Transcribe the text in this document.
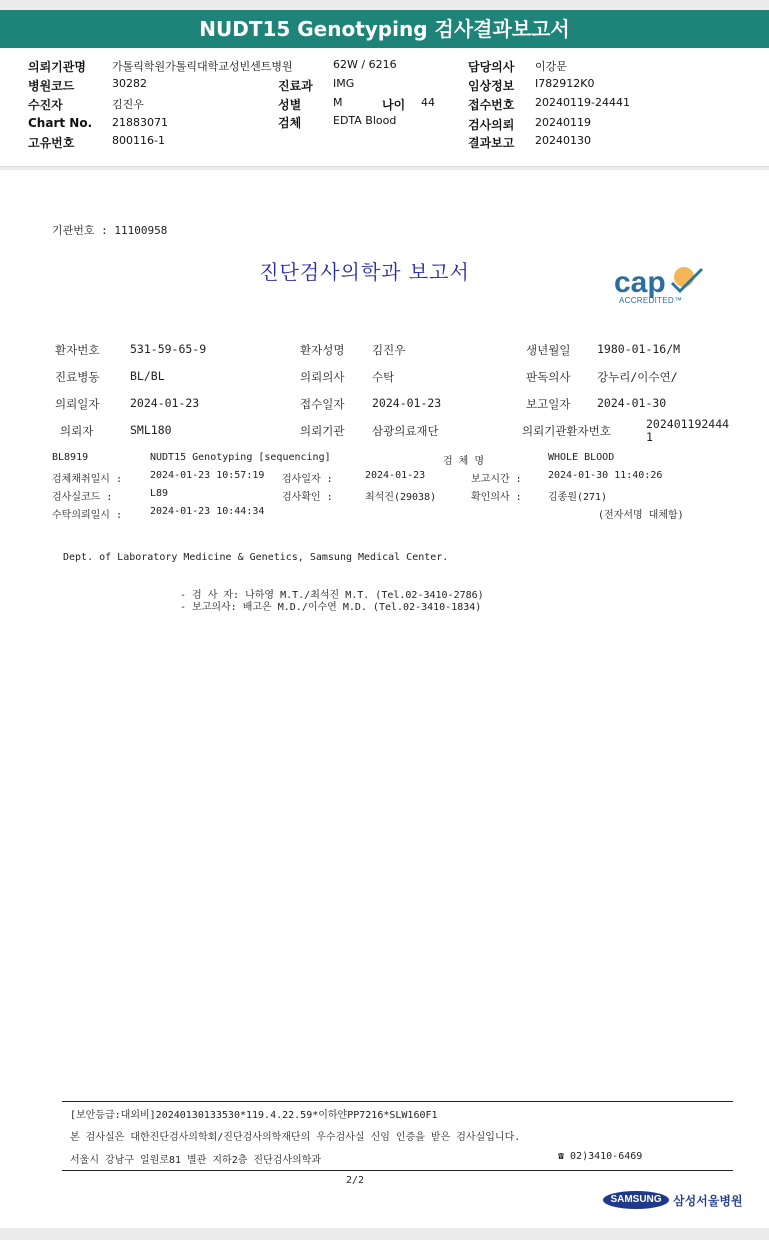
NUDT15 Genotyping 검사결과보고서
의뢰기관명 가톨릭학원가톨릭대학교성빈센트병원	62W / 6216	담당의사 이강문
병원코드	30282	진료과 IMG	임상정보 I782912K0
수진자	김진우	성별	M	나이 44	접수번호 20240119-24441
Chart No. 21883071	검체	EDTA Blood	검사의뢰 20240119
고유번호	800116-1	결과보고 20240130
기관번호 : 11100958
진단검사의학과 보고서	cap
ACCREDITED™
환자번호	531-59-65-9	환자성명 김진우	생년월일 1980-01-16/M
진료병동	BL/BL	의뢰의사 수탁	판독의사 강누리/이수연/
의뢰일자	2024-01-23	접수일자 2024-01-23	보고일자 2024-01-30
의뢰자	SML180	의뢰기관 삼광의료재단	의뢰기관환자번호	202401192444
1
BL8919	NUDT15 Genotyping [sequencing]	검 체 명	WHOLE BLOOD
검체채취일시 :	2024-01-23 10:57:19 검사일자 :	2024-01-23	보고시간 :	2024-01-30 11:40:26
검사실코드 :	L89	검사확인 :	최석진(29038)	확인의사 :	김종원(271)
수탁의뢰일시 :	2024-01-23 10:44:34	(전자서명 대체함)
Dept. of Laboratory Medicine & Genetics, Samsung Medical Center.
- 검 사 자: 나하영 M.T./최석진 M.T. (Tel.02-3410-2786)
- 보고의사: 배고은 M.D./이수연 M.D. (Tel.02-3410-1834)
[보안등급:대외비]20240130133530*119.4.22.59*이하얀PP7216*SLW160F1
본 검사실은 대한진단검사의학회/진단검사의학재단의 우수검사실 신임 인증을 받은 검사실입니다.
서울시 강남구 일원로81 별관 지하2층 진단검사의학과	☎ 02)3410-6469
2/2
SAMSUNG 삼성서울병원
